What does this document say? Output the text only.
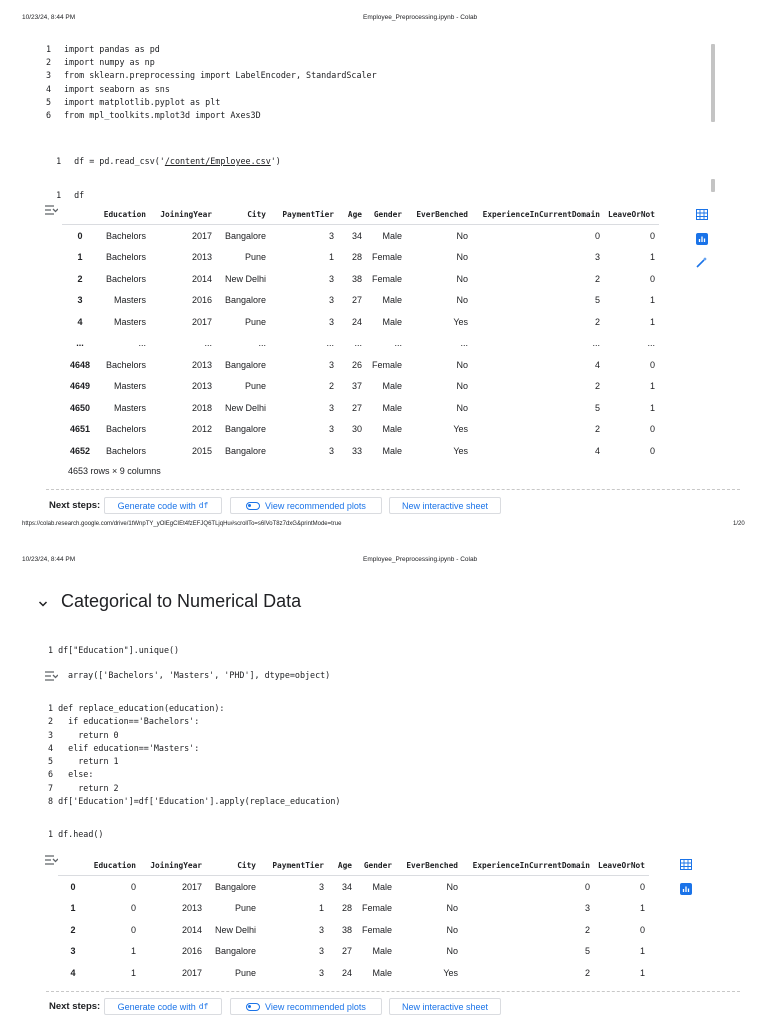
10/23/24, 8:44 PM	Employee_Preprocessing.ipynb - Colab
1 import pandas as pd
2 import numpy as np
3 from sklearn.preprocessing import LabelEncoder, StandardScaler
4 import seaborn as sns
5 import matplotlib.pyplot as plt
6 from mpl_toolkits.mplot3d import Axes3D

1 df = pd.read_csv('/content/Employee.csv')

1 df

	Education	JoiningYear	City	PaymentTier	Age	Gender	EverBenched	ExperienceInCurrentDomain	LeaveOrNot
0	Bachelors	2017	Bangalore	3	34	Male	No	0	0
1	Bachelors	2013	Pune	1	28	Female	No	3	1
2	Bachelors	2014	New Delhi	3	38	Female	No	2	0
3	Masters	2016	Bangalore	3	27	Male	No	5	1
4	Masters	2017	Pune	3	24	Male	Yes	2	1
...	...	...	...	...	...	...	...	...	...
4648	Bachelors	2013	Bangalore	3	26	Female	No	4	0
4649	Masters	2013	Pune	2	37	Male	No	2	1
4650	Masters	2018	New Delhi	3	27	Male	No	5	1
4651	Bachelors	2012	Bangalore	3	30	Male	Yes	2	0
4652	Bachelors	2015	Bangalore	3	33	Male	Yes	4	0
4653 rows × 9 columns
Next steps: Generate code with df	View recommended plots	New interactive sheet
https://colab.research.google.com/drive/1tWnpTY_yOlEgCIEt4fzEFJQ6TLjqHu#scrollTo=s6lVoT8z7dxG&printMode=true	1/20
10/23/24, 8:44 PM	Employee_Preprocessing.ipynb - Colab
Categorical to Numerical Data
1 df["Education"].unique()
array(['Bachelors', 'Masters', 'PHD'], dtype=object)
1 def replace_education(education):
2   if education=='Bachelors':
3     return 0
4   elif education=='Masters':
5     return 1
6   else:
7     return 2
8 df['Education']=df['Education'].apply(replace_education)
1 df.head()
	Education	JoiningYear	City	PaymentTier	Age	Gender	EverBenched	ExperienceInCurrentDomain	LeaveOrNot
0	0	2017	Bangalore	3	34	Male	No	0	0
1	0	2013	Pune	1	28	Female	No	3	1
2	0	2014	New Delhi	3	38	Female	No	2	0
3	1	2016	Bangalore	3	27	Male	No	5	1
4	1	2017	Pune	3	24	Male	Yes	2	1
Next steps: Generate code with df	View recommended plots	New interactive sheet
